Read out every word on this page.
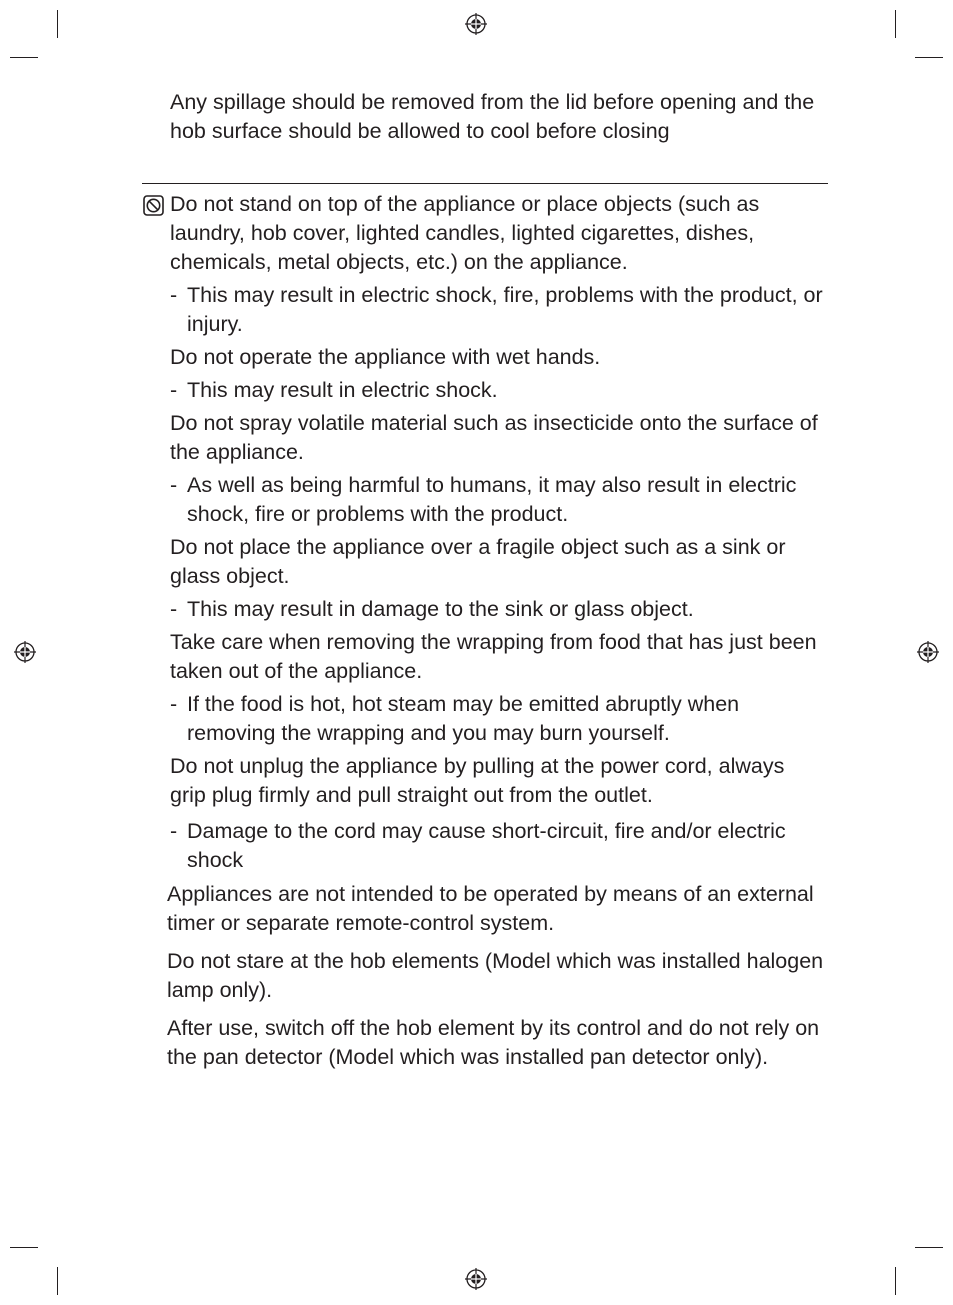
Any spillage should be removed from the lid before opening and the hob surface should be allowed to cool before closing

Do not stand on top of the appliance or place objects (such as laundry, hob cover, lighted candles, lighted cigarettes, dishes, chemicals, metal objects, etc.) on the appliance.

- This may result in electric shock, fire, problems with the product, or injury.

Do not operate the appliance with wet hands.

- This may result in electric shock.

Do not spray volatile material such as insecticide onto the surface of the appliance.

- As well as being harmful to humans, it may also result in electric shock, fire or problems with the product.

Do not place the appliance over a fragile object such as a sink or glass object.

- This may result in damage to the sink or glass object.

Take care when removing the wrapping from food that has just been taken out of the appliance.

- If the food is hot, hot steam may be emitted abruptly when removing the wrapping and you may burn yourself.

Do not unplug the appliance by pulling at the power cord, always grip plug firmly and pull straight out from the outlet.

- Damage to the cord may cause short-circuit, fire and/or electric shock

Appliances are not intended to be operated by means of an external timer or separate remote-control system.

Do not stare at the hob elements (Model which was installed halogen lamp only).

After use, switch off the hob element by its control and do not rely on the pan detector (Model which was installed pan detector only).
